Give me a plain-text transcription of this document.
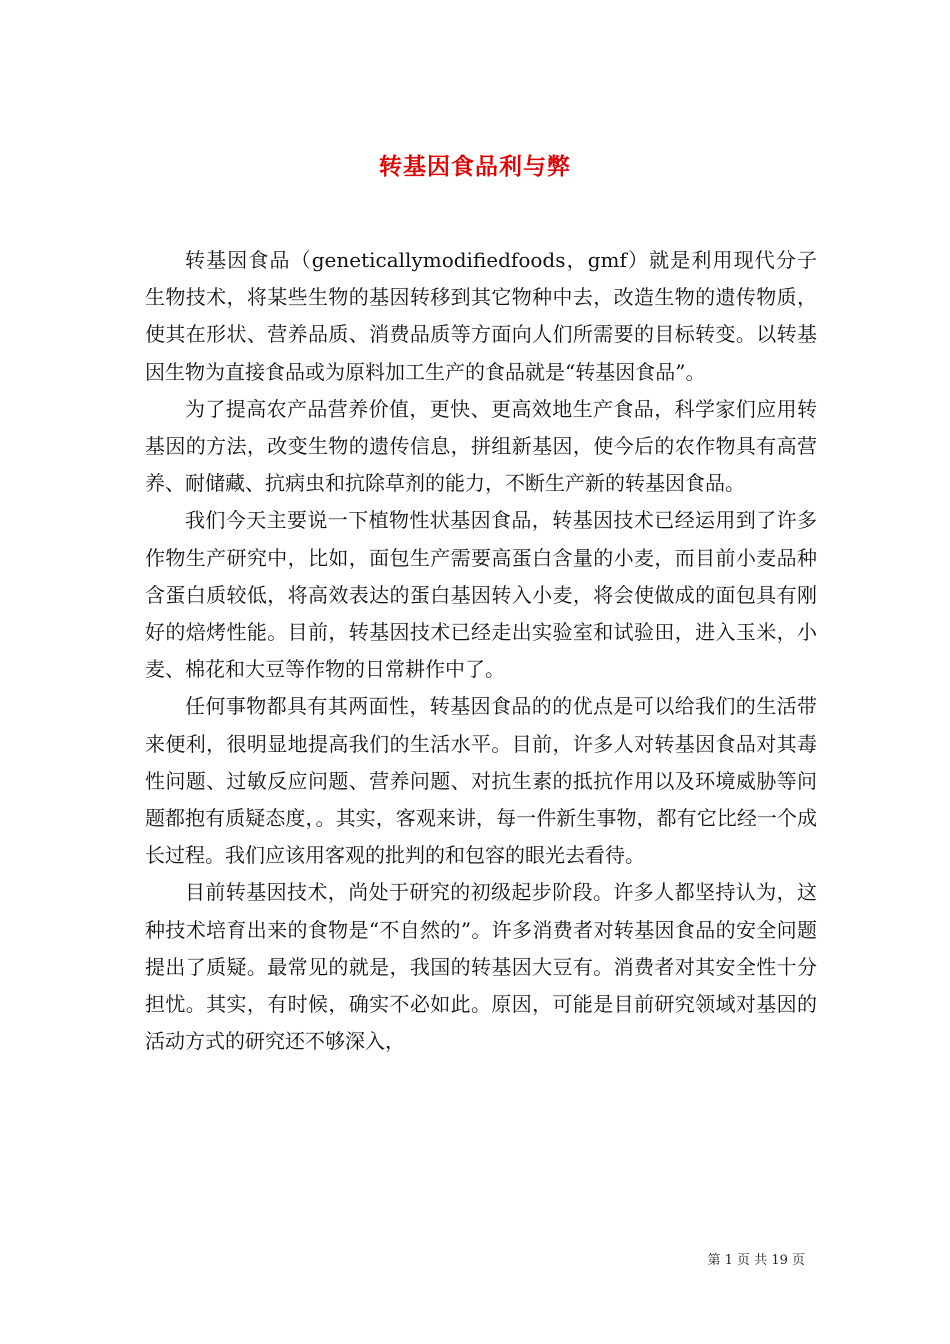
转基因食品利与弊

转基因食品（geneticallymodifiedfoods，gmf）就是利用现代分子生物技术，将某些生物的基因转移到其它物种中去，改造生物的遗传物质，使其在形状、营养品质、消费品质等方面向人们所需要的目标转变。以转基因生物为直接食品或为原料加工生产的食品就是“转基因食品”。

为了提高农产品营养价值，更快、更高效地生产食品，科学家们应用转基因的方法，改变生物的遗传信息，拼组新基因，使今后的农作物具有高营养、耐储藏、抗病虫和抗除草剂的能力，不断生产新的转基因食品。

我们今天主要说一下植物性状基因食品，转基因技术已经运用到了许多作物生产研究中，比如，面包生产需要高蛋白含量的小麦，而目前小麦品种含蛋白质较低，将高效表达的蛋白基因转入小麦，将会使做成的面包具有刚好的焙烤性能。目前，转基因技术已经走出实验室和试验田，进入玉米，小麦、棉花和大豆等作物的日常耕作中了。

任何事物都具有其两面性，转基因食品的的优点是可以给我们的生活带来便利，很明显地提高我们的生活水平。目前，许多人对转基因食品对其毒性问题、过敏反应问题、营养问题、对抗生素的抵抗作用以及环境威胁等问题都抱有质疑态度，。其实，客观来讲，每一件新生事物，都有它比经一个成长过程。我们应该用客观的批判的和包容的眼光去看待。

目前转基因技术，尚处于研究的初级起步阶段。许多人都坚持认为，这种技术培育出来的食物是“不自然的”。许多消费者对转基因食品的安全问题提出了质疑。最常见的就是，我国的转基因大豆有。消费者对其安全性十分担忧。其实，有时候，确实不必如此。原因，可能是目前研究领域对基因的活动方式的研究还不够深入，

第 1 页 共 19 页
